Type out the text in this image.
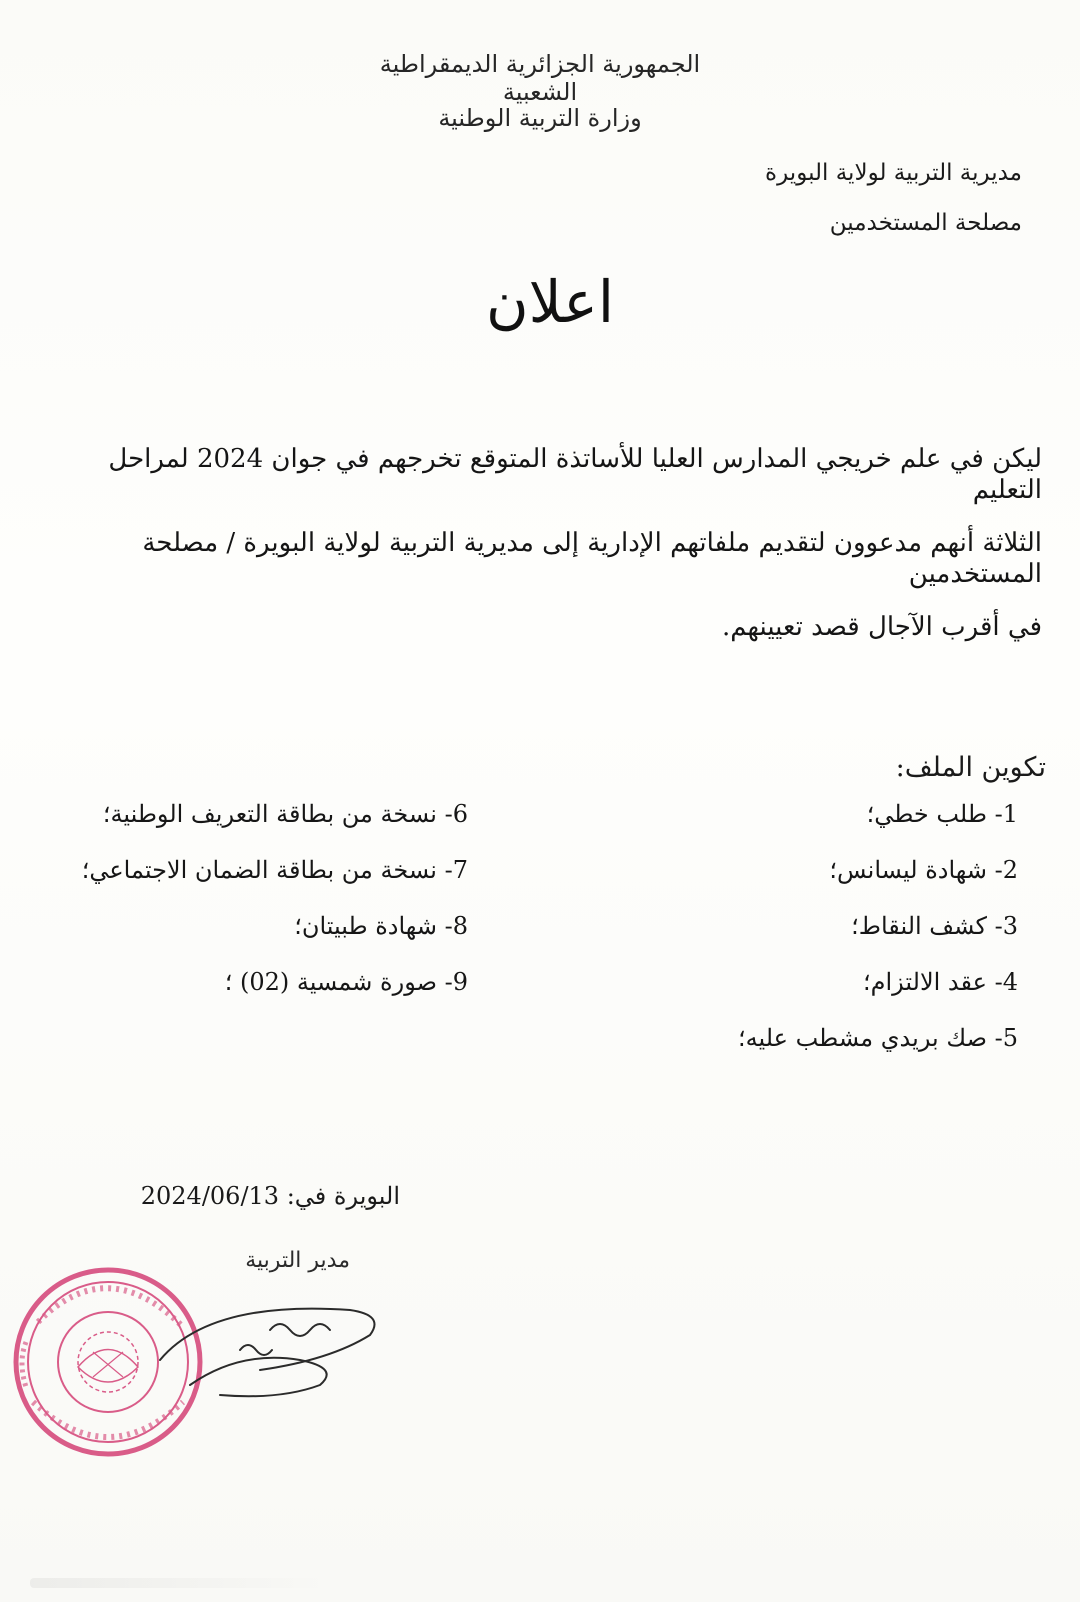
الجمهورية الجزائرية الديمقراطية الشعبية
وزارة التربية الوطنية
مديرية التربية لولاية البويرة
مصلحة المستخدمين
اعلان
ليكن في علم خريجي المدارس العليا للأساتذة المتوقع تخرجهم في جوان 2024 لمراحل التعليم
الثلاثة أنهم مدعوون لتقديم ملفاتهم الإدارية إلى مديرية التربية لولاية البويرة / مصلحة المستخدمين
في أقرب الآجال قصد تعيينهم.
تكوين الملف:
1- طلب خطي؛
2- شهادة ليسانس؛
3- كشف النقاط؛
4- عقد الالتزام؛
5- صك بريدي مشطب عليه؛
6- نسخة من بطاقة التعريف الوطنية؛
7- نسخة من بطاقة الضمان الاجتماعي؛
8- شهادة طبيتان؛
9- صورة شمسية (02) ؛
البويرة في: 2024/06/13
مدير التربية
